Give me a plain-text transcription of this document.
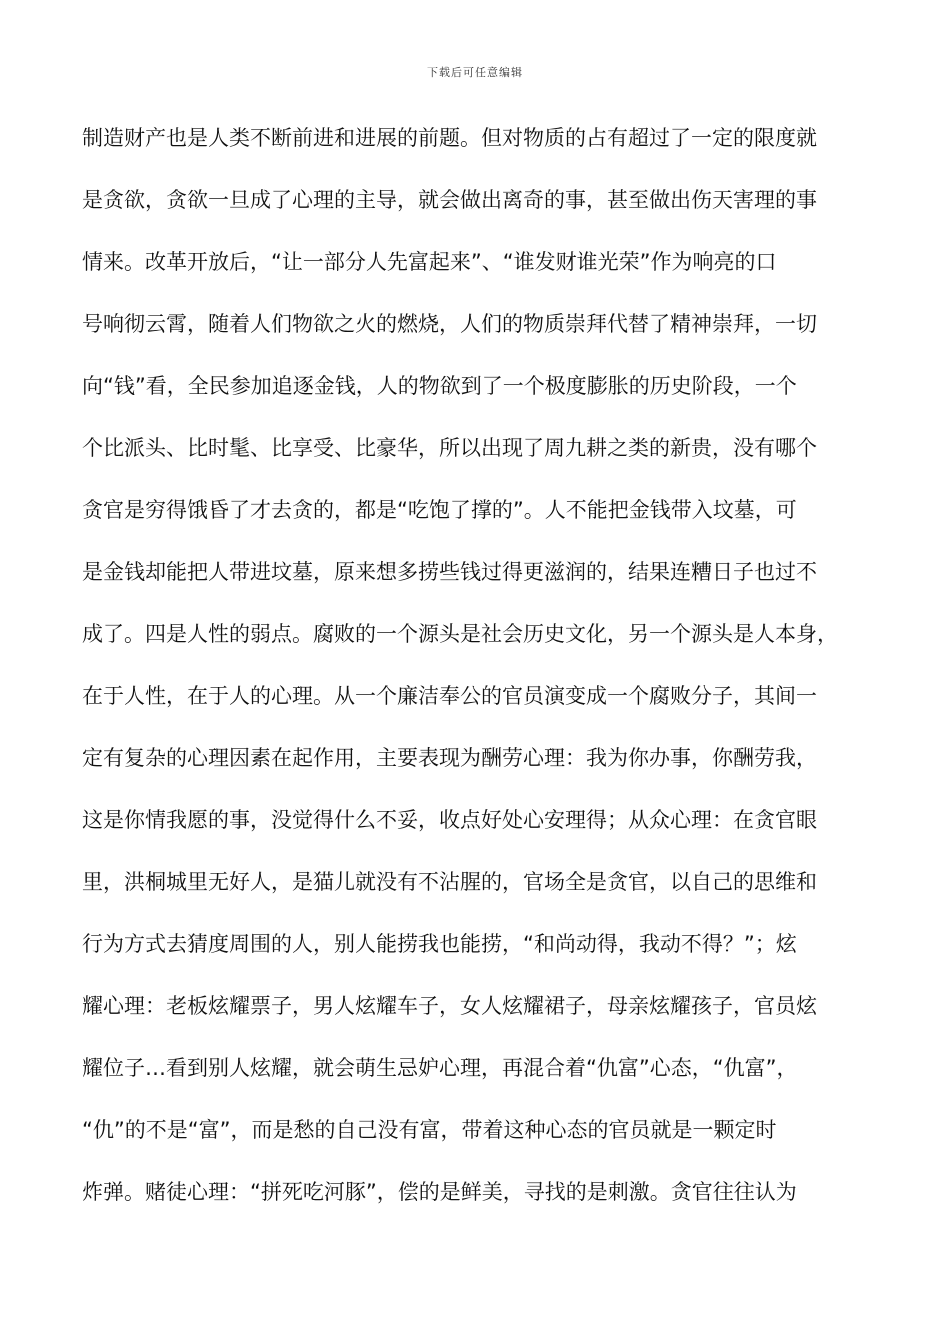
下载后可任意编辑
制造财产也是人类不断前进和进展的前题。但对物质的占有超过了一定的限度就
是贪欲，贪欲一旦成了心理的主导，就会做出离奇的事，甚至做出伤天害理的事
情来。改革开放后，“让一部分人先富起来”、“谁发财谁光荣”作为响亮的口
号响彻云霄，随着人们物欲之火的燃烧，人们的物质崇拜代替了精神崇拜，一切
向“钱”看，全民参加追逐金钱，人的物欲到了一个极度膨胀的历史阶段，一个
个比派头、比时髦、比享受、比豪华，所以出现了周九耕之类的新贵，没有哪个
贪官是穷得饿昏了才去贪的，都是“吃饱了撑的”。人不能把金钱带入坟墓，可
是金钱却能把人带进坟墓，原来想多捞些钱过得更滋润的，结果连糟日子也过不
成了。四是人性的弱点。腐败的一个源头是社会历史文化，另一个源头是人本身，
在于人性，在于人的心理。从一个廉洁奉公的官员演变成一个腐败分子，其间一
定有复杂的心理因素在起作用，主要表现为酬劳心理：我为你办事，你酬劳我，
这是你情我愿的事，没觉得什么不妥，收点好处心安理得；从众心理：在贪官眼
里，洪桐城里无好人，是猫儿就没有不沾腥的，官场全是贪官，以自己的思维和
行为方式去猜度周围的人，别人能捞我也能捞，“和尚动得，我动不得？”；炫
耀心理：老板炫耀票子，男人炫耀车子，女人炫耀裙子，母亲炫耀孩子，官员炫
耀位子…看到别人炫耀，就会萌生忌妒心理，再混合着“仇富”心态，“仇富”，
“仇”的不是“富”，而是愁的自己没有富，带着这种心态的官员就是一颗定时
炸弹。赌徒心理：“拼死吃河豚”，偿的是鲜美，寻找的是刺激。贪官往往认为
